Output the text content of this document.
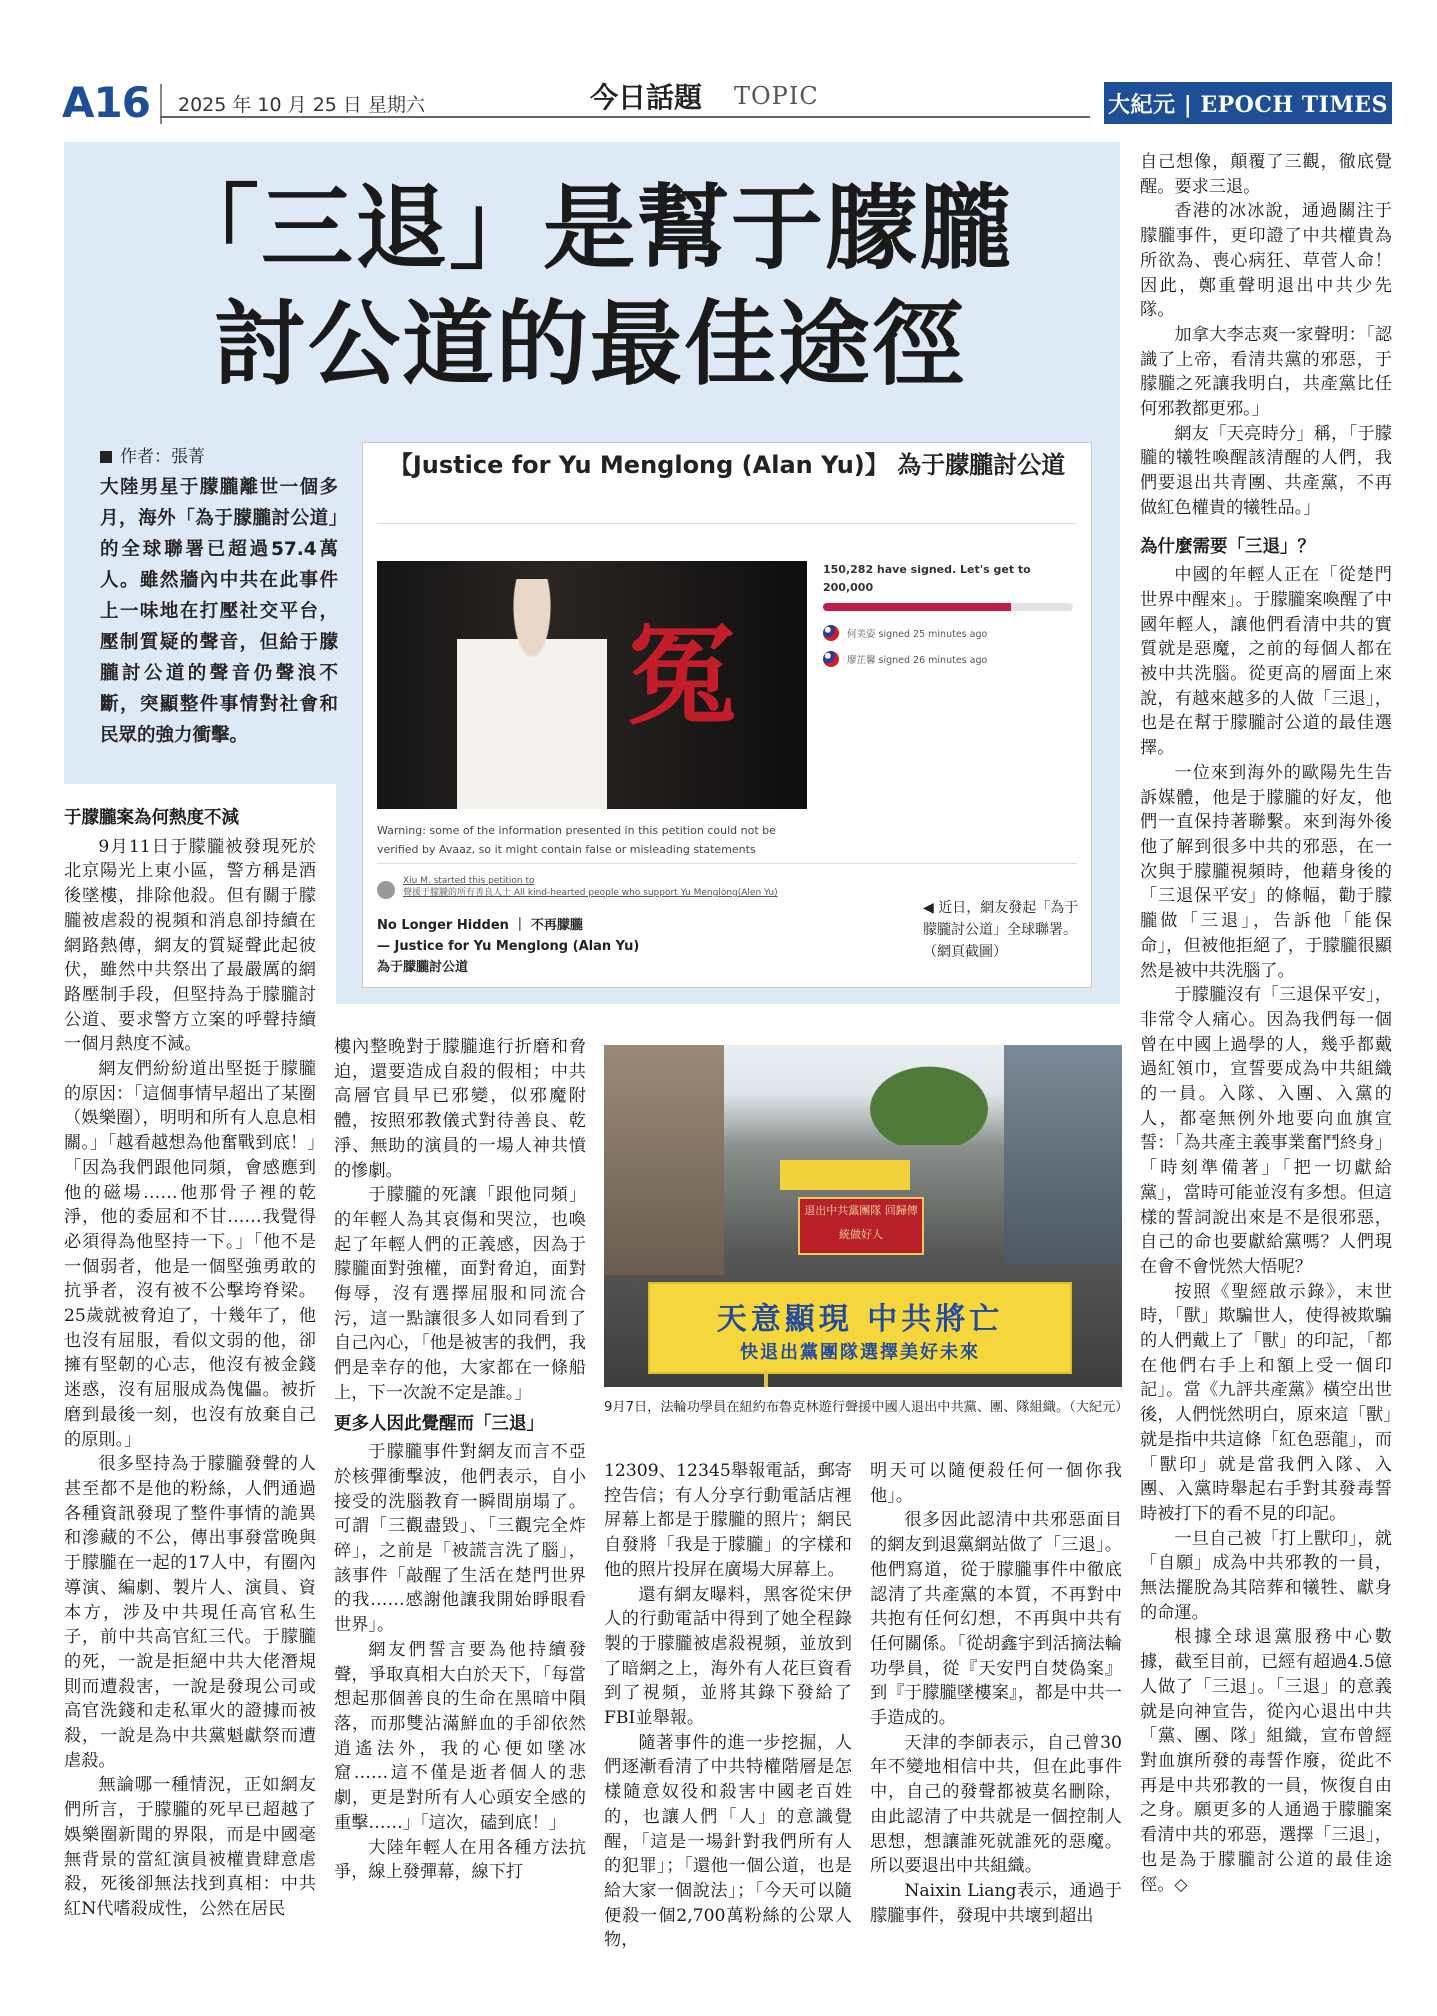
A16 2025 年 10 月 25 日 星期六	今日話題 TOPIC	大紀元 | EPOCH TIMES
「三退」是幫于朦朧
討公道的最佳途徑
作者：張菁
大陸男星于朦朧離世一個多月，海外「為于朦朧討公道」的全球聯署已超過57.4萬人。雖然牆內中共在此事件上一味地在打壓社交平台，壓制質疑的聲音，但給于朦朧討公道的聲音仍聲浪不斷，突顯整件事情對社會和民眾的強力衝擊。
【Justice for Yu Menglong (Alan Yu)】 為于朦朧討公道
冤
150,282 have signed. Let's get to 200,000
何美姿 signed 25 minutes ago
廖芷馨 signed 26 minutes ago
Warning: some of the information presented in this petition could not be verified by Avaaz, so it might contain false or misleading statements
Xiu M. started this petition to
聲援于朦朧的所有善良人士 All kind-hearted people who support Yu Menglong(Alen Yu)
No Longer Hidden ｜ 不再朦朧
— Justice for Yu Menglong (Alan Yu)
為于朦朧討公道
◀ 近日，網友發起「為于朦朧討公道」全球聯署。（網頁截圖）
于朦朧案為何熱度不減

9月11日于朦朧被發現死於北京陽光上東小區，警方稱是酒後墜樓，排除他殺。但有關于朦朧被虐殺的視頻和消息卻持續在網路熱傳，網友的質疑聲此起彼伏，雖然中共祭出了最嚴厲的網路壓制手段，但堅持為于朦朧討公道、要求警方立案的呼聲持續一個月熱度不減。

網友們紛紛道出堅挺于朦朧的原因：「這個事情早超出了某圈（娛樂圈），明明和所有人息息相關。」「越看越想為他奮戰到底！」「因為我們跟他同頻，會感應到他的磁場……他那骨子裡的乾淨，他的委屈和不甘……我覺得必須得為他堅持一下。」「他不是一個弱者，他是一個堅強勇敢的抗爭者，沒有被不公擊垮脊梁。25歲就被脅迫了，十幾年了，他也沒有屈服，看似文弱的他，卻擁有堅韌的心志，他沒有被金錢迷惑，沒有屈服成為傀儡。被折磨到最後一刻，也沒有放棄自己的原則。」

很多堅持為于朦朧發聲的人甚至都不是他的粉絲，人們通過各種資訊發現了整件事情的詭異和滲藏的不公，傳出事發當晚與于朦朧在一起的17人中，有圈內導演、編劇、製片人、演員、資本方，涉及中共現任高官私生子，前中共高官紅三代。于朦朧的死，一說是拒絕中共大佬潛規則而遭殺害，一說是發現公司或高官洗錢和走私軍火的證據而被殺，一說是為中共黨魁獻祭而遭虐殺。

無論哪一種情況，正如網友們所言，于朦朧的死早已超越了娛樂圈新聞的界限，而是中國毫無背景的當紅演員被權貴肆意虐殺，死後卻無法找到真相：中共紅N代嗜殺成性，公然在居民

樓內整晚對于朦朧進行折磨和脅迫，還要造成自殺的假相；中共高層官員早已邪變，似邪魔附體，按照邪教儀式對待善良、乾淨、無助的演員的一場人神共憤的慘劇。

于朦朧的死讓「跟他同頻」的年輕人為其哀傷和哭泣，也喚起了年輕人們的正義感，因為于朦朧面對強權，面對脅迫，面對侮辱，沒有選擇屈服和同流合污，這一點讓很多人如同看到了自己內心，「他是被害的我們，我們是幸存的他，大家都在一條船上，下一次說不定是誰。」

更多人因此覺醒而「三退」

于朦朧事件對網友而言不亞於核彈衝擊波，他們表示，自小接受的洗腦教育一瞬間崩塌了。可謂「三觀盡毀」、「三觀完全炸碎」，之前是「被謊言洗了腦」，該事件「敲醒了生活在楚門世界的我……感謝他讓我開始睜眼看世界」。

網友們誓言要為他持續發聲，爭取真相大白於天下，「每當想起那個善良的生命在黑暗中隕落，而那雙沾滿鮮血的手卻依然逍遙法外，我的心便如墜冰窟……這不僅是逝者個人的悲劇，更是對所有人心頭安全感的重擊……」「這次，磕到底！」

大陸年輕人在用各種方法抗爭，線上發彈幕，線下打

退出中共黨團隊 回歸傳統做好人
天意顯現 中共將亡
快退出黨團隊選擇美好未來
9月7日，法輪功學員在紐約布魯克林遊行聲援中國人退出中共黨、團、隊組織。（大紀元）

12309、12345舉報電話，郵寄控告信；有人分享行動電話店裡屏幕上都是于朦朧的照片；網民自發將「我是于朦朧」的字樣和他的照片投屏在廣場大屏幕上。

還有網友曝料，黑客從宋伊人的行動電話中得到了她全程錄製的于朦朧被虐殺視頻，並放到了暗網之上，海外有人花巨資看到了視頻，並將其錄下發給了FBI並舉報。

隨著事件的進一步挖掘，人們逐漸看清了中共特權階層是怎樣隨意奴役和殺害中國老百姓的，也讓人們「人」的意識覺醒，「這是一場針對我們所有人的犯罪」；「還他一個公道，也是給大家一個說法」；「今天可以隨便殺一個2,700萬粉絲的公眾人物，

明天可以隨便殺任何一個你我他」。

很多因此認清中共邪惡面目的網友到退黨網站做了「三退」。他們寫道，從于朦朧事件中徹底認清了共產黨的本質，不再對中共抱有任何幻想，不再與中共有任何關係。「從胡鑫宇到活摘法輪功學員，從『天安門自焚偽案』到『于朦朧墜樓案』，都是中共一手造成的。

天津的李師表示，自己曾30年不變地相信中共，但在此事件中，自己的發聲都被莫名刪除，由此認清了中共就是一個控制人思想，想讓誰死就誰死的惡魔。所以要退出中共組織。

Naixin Liang表示，通過于朦朧事件，發現中共壞到超出

自己想像，顛覆了三觀，徹底覺醒。要求三退。

香港的冰冰說，通過關注于朦朧事件，更印證了中共權貴為所欲為、喪心病狂、草菅人命！因此，鄭重聲明退出中共少先隊。

加拿大李志爽一家聲明：「認識了上帝，看清共黨的邪惡，于朦朧之死讓我明白，共產黨比任何邪教都更邪。」

網友「天亮時分」稱，「于朦朧的犧牲喚醒該清醒的人們，我們要退出共青團、共產黨，不再做紅色權貴的犧牲品。」

為什麼需要「三退」？

中國的年輕人正在「從楚門世界中醒來」。于朦朧案喚醒了中國年輕人，讓他們看清中共的實質就是惡魔，之前的每個人都在被中共洗腦。從更高的層面上來說，有越來越多的人做「三退」，也是在幫于朦朧討公道的最佳選擇。

一位來到海外的歐陽先生告訴媒體，他是于朦朧的好友，他們一直保持著聯繫。來到海外後他了解到很多中共的邪惡，在一次與于朦朧視頻時，他藉身後的「三退保平安」的條幅，勸于朦朧做「三退」，告訴他「能保命」，但被他拒絕了，于朦朧很顯然是被中共洗腦了。

于朦朧沒有「三退保平安」，非常令人痛心。因為我們每一個曾在中國上過學的人，幾乎都戴過紅領巾，宣誓要成為中共組織的一員。入隊、入團、入黨的人，都毫無例外地要向血旗宣誓：「為共產主義事業奮鬥終身」「時刻準備著」「把一切獻給黨」，當時可能並沒有多想。但這樣的誓詞說出來是不是很邪惡，自己的命也要獻給黨嗎？人們現在會不會恍然大悟呢？

按照《聖經啟示錄》，末世時，「獸」欺騙世人，使得被欺騙的人們戴上了「獸」的印記，「都在他們右手上和額上受一個印記」。當《九評共產黨》橫空出世後，人們恍然明白，原來這「獸」就是指中共這條「紅色惡龍」，而「獸印」就是當我們入隊、入團、入黨時舉起右手對其發毒誓時被打下的看不見的印記。

一旦自己被「打上獸印」，就「自願」成為中共邪教的一員，無法擺脫為其陪葬和犧牲、獻身的命運。

根據全球退黨服務中心數據，截至目前，已經有超過4.5億人做了「三退」。「三退」的意義就是向神宣告，從內心退出中共「黨、團、隊」組織，宣布曾經對血旗所發的毒誓作廢，從此不再是中共邪教的一員，恢復自由之身。願更多的人通過于朦朧案看清中共的邪惡，選擇「三退」，也是為于朦朧討公道的最佳途徑。◇
